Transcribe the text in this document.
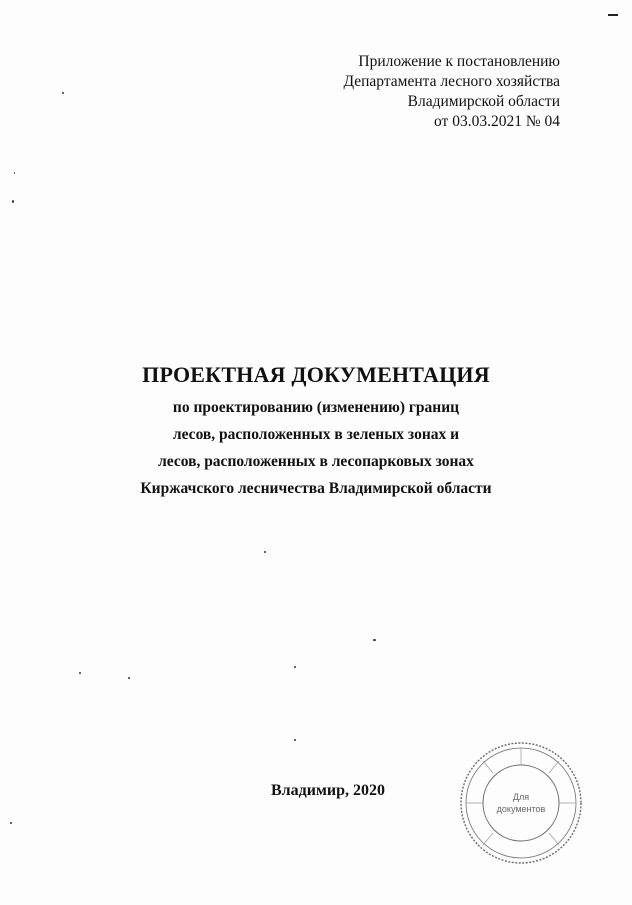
Приложение к постановлению
Департамента лесного хозяйства
Владимирской области
от 03.03.2021 № 04
ПРОЕКТНАЯ ДОКУМЕНТАЦИЯ
по проектированию (изменению) границ
лесов, расположенных в зеленых зонах и
лесов, расположенных в лесопарковых зонах
Киржачского лесничества Владимирской области
Владимир, 2020	Для
документов
